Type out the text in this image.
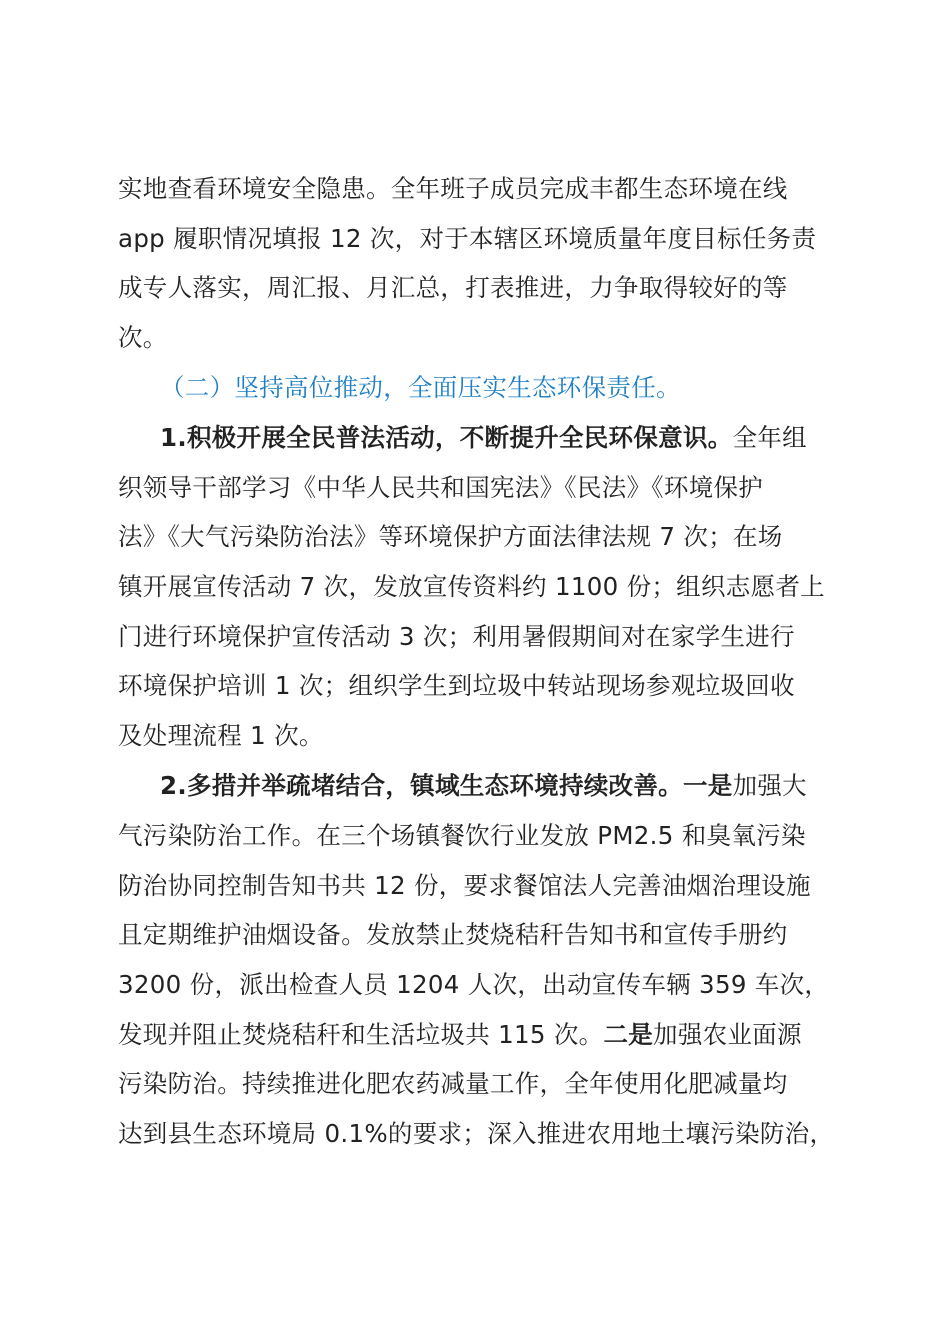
实地查看环境安全隐患。全年班子成员完成丰都生态环境在线
app 履职情况填报 12 次，对于本辖区环境质量年度目标任务责
成专人落实，周汇报、月汇总，打表推进，力争取得较好的等
次。
（二）坚持高位推动，全面压实生态环保责任。
1.积极开展全民普法活动，不断提升全民环保意识。全年组
织领导干部学习《中华人民共和国宪法》《民法》《环境保护
法》《大气污染防治法》等环境保护方面法律法规 7 次；在场
镇开展宣传活动 7 次，发放宣传资料约 1100 份；组织志愿者上
门进行环境保护宣传活动 3 次；利用暑假期间对在家学生进行
环境保护培训 1 次；组织学生到垃圾中转站现场参观垃圾回收
及处理流程 1 次。
2.多措并举疏堵结合，镇域生态环境持续改善。一是加强大
气污染防治工作。在三个场镇餐饮行业发放 PM2.5 和臭氧污染
防治协同控制告知书共 12 份，要求餐馆法人完善油烟治理设施
且定期维护油烟设备。发放禁止焚烧秸秆告知书和宣传手册约
3200 份，派出检查人员 1204 人次，出动宣传车辆 359 车次，
发现并阻止焚烧秸秆和生活垃圾共 115 次。二是加强农业面源
污染防治。持续推进化肥农药减量工作，全年使用化肥减量均
达到县生态环境局 0.1%的要求；深入推进农用地土壤污染防治，
